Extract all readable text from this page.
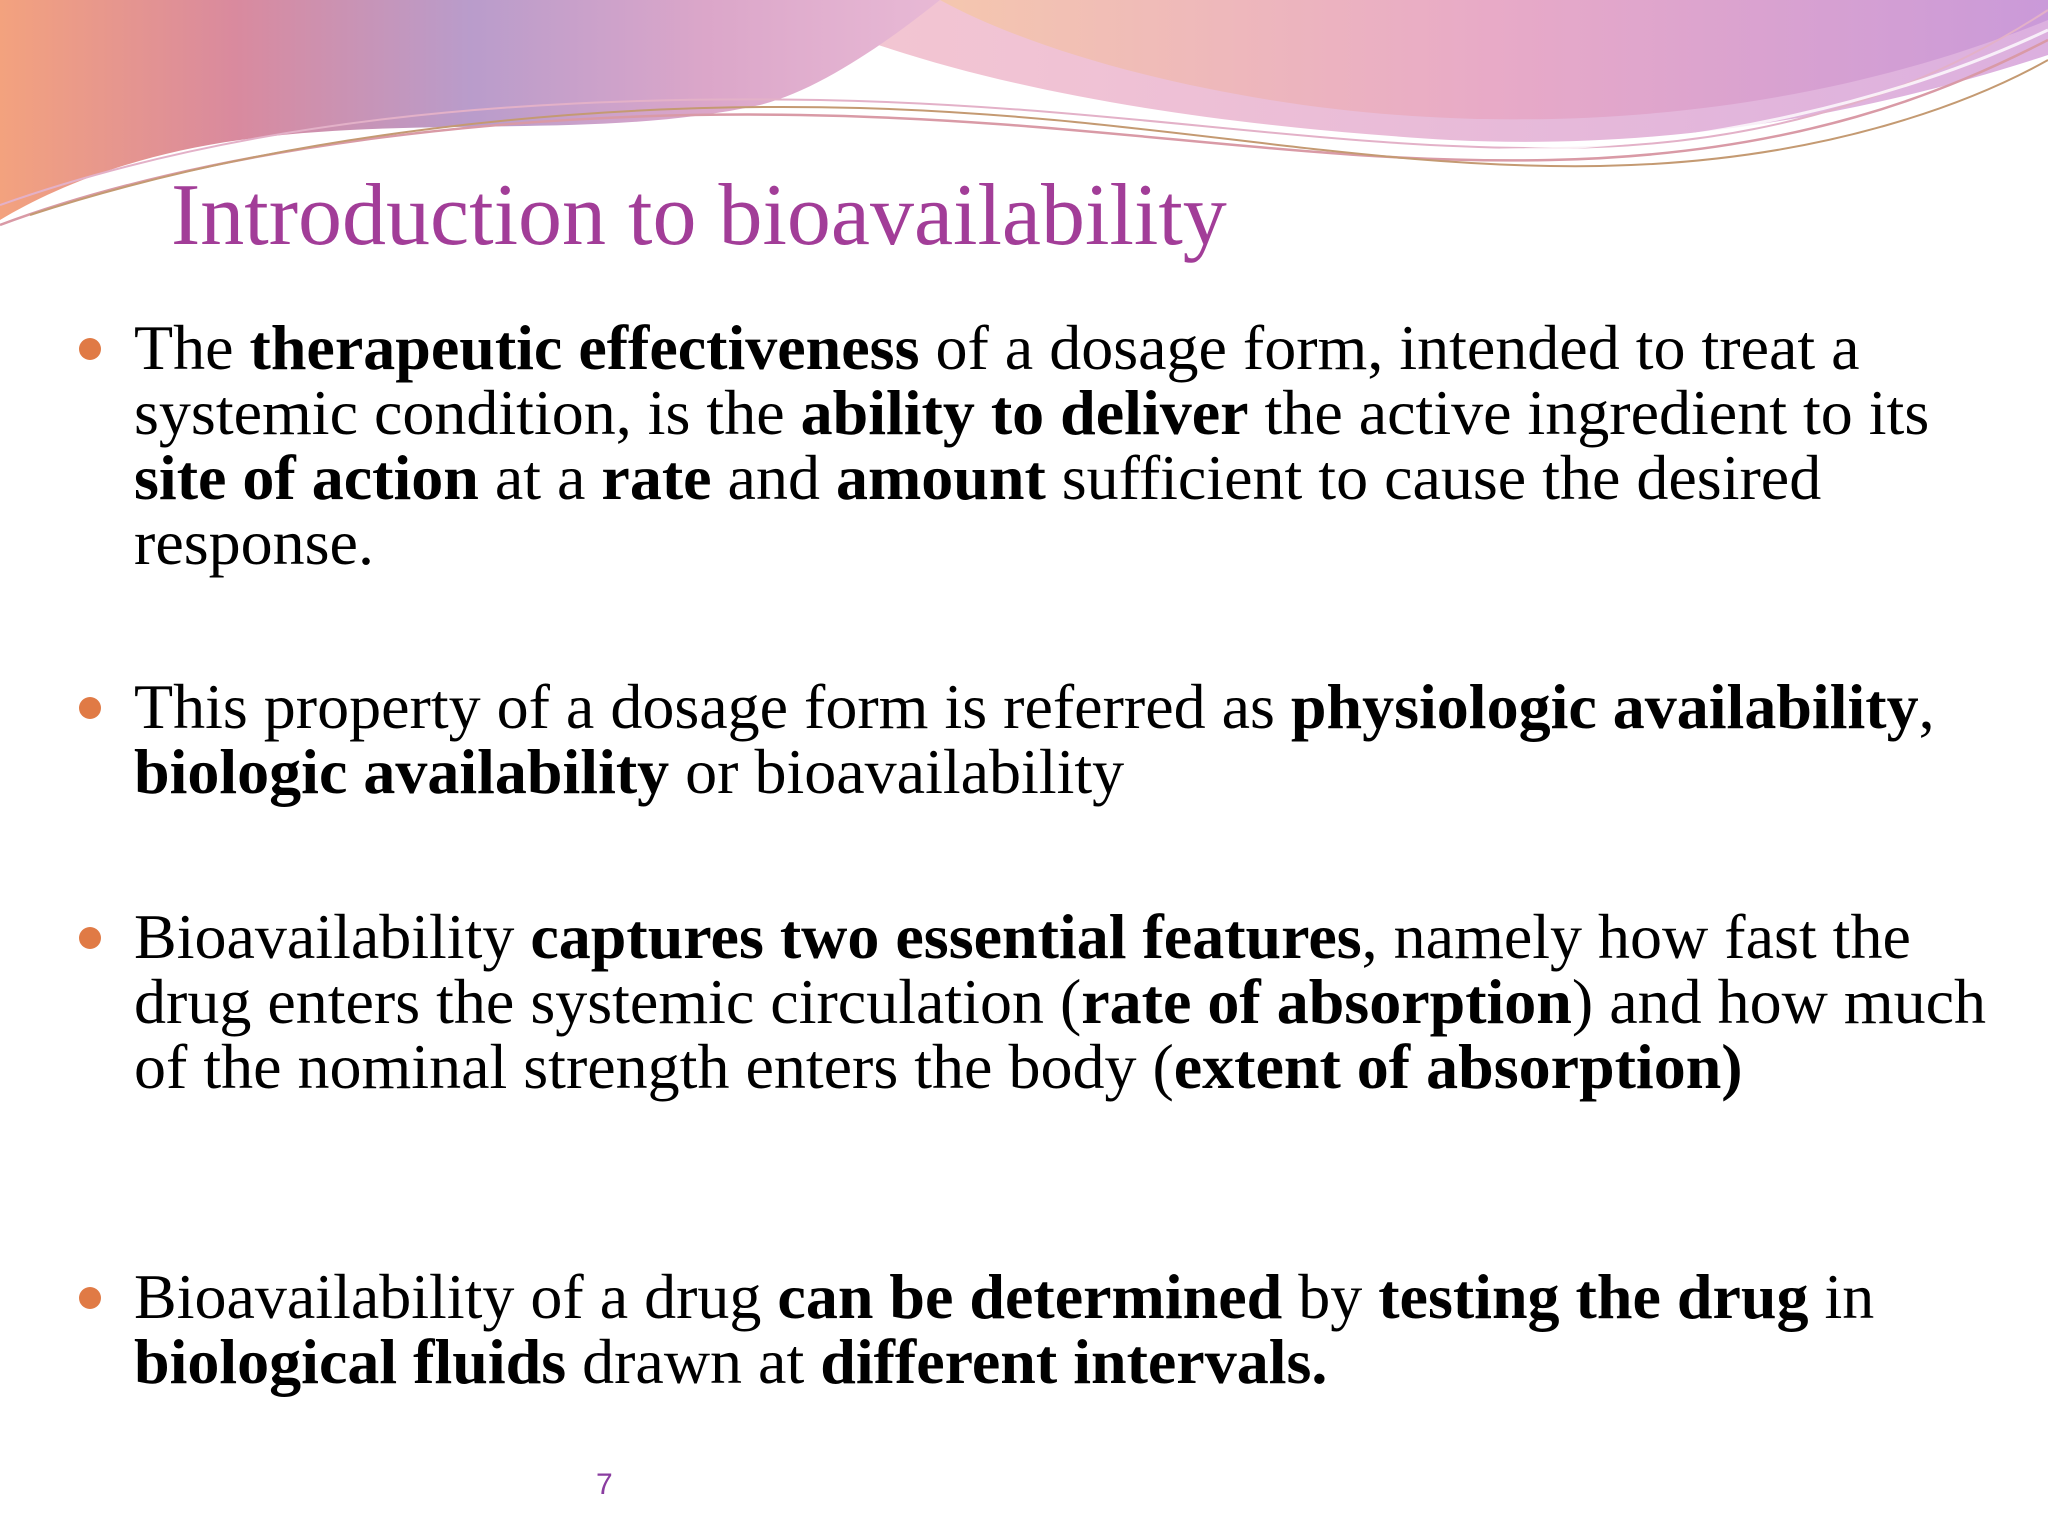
Introduction to bioavailability
The therapeutic effectiveness of a dosage form, intended to treat a systemic condition, is the ability to deliver the active ingredient to its site of action at a rate and amount sufficient to cause the desired response.
This property of a dosage form is referred as physiologic availability, biologic availability or bioavailability
Bioavailability captures two essential features, namely how fast the drug enters the systemic circulation (rate of absorption) and how much of the nominal strength enters the body (extent of absorption)
Bioavailability of a drug can be determined by testing the drug in biological fluids drawn at different intervals.
7
